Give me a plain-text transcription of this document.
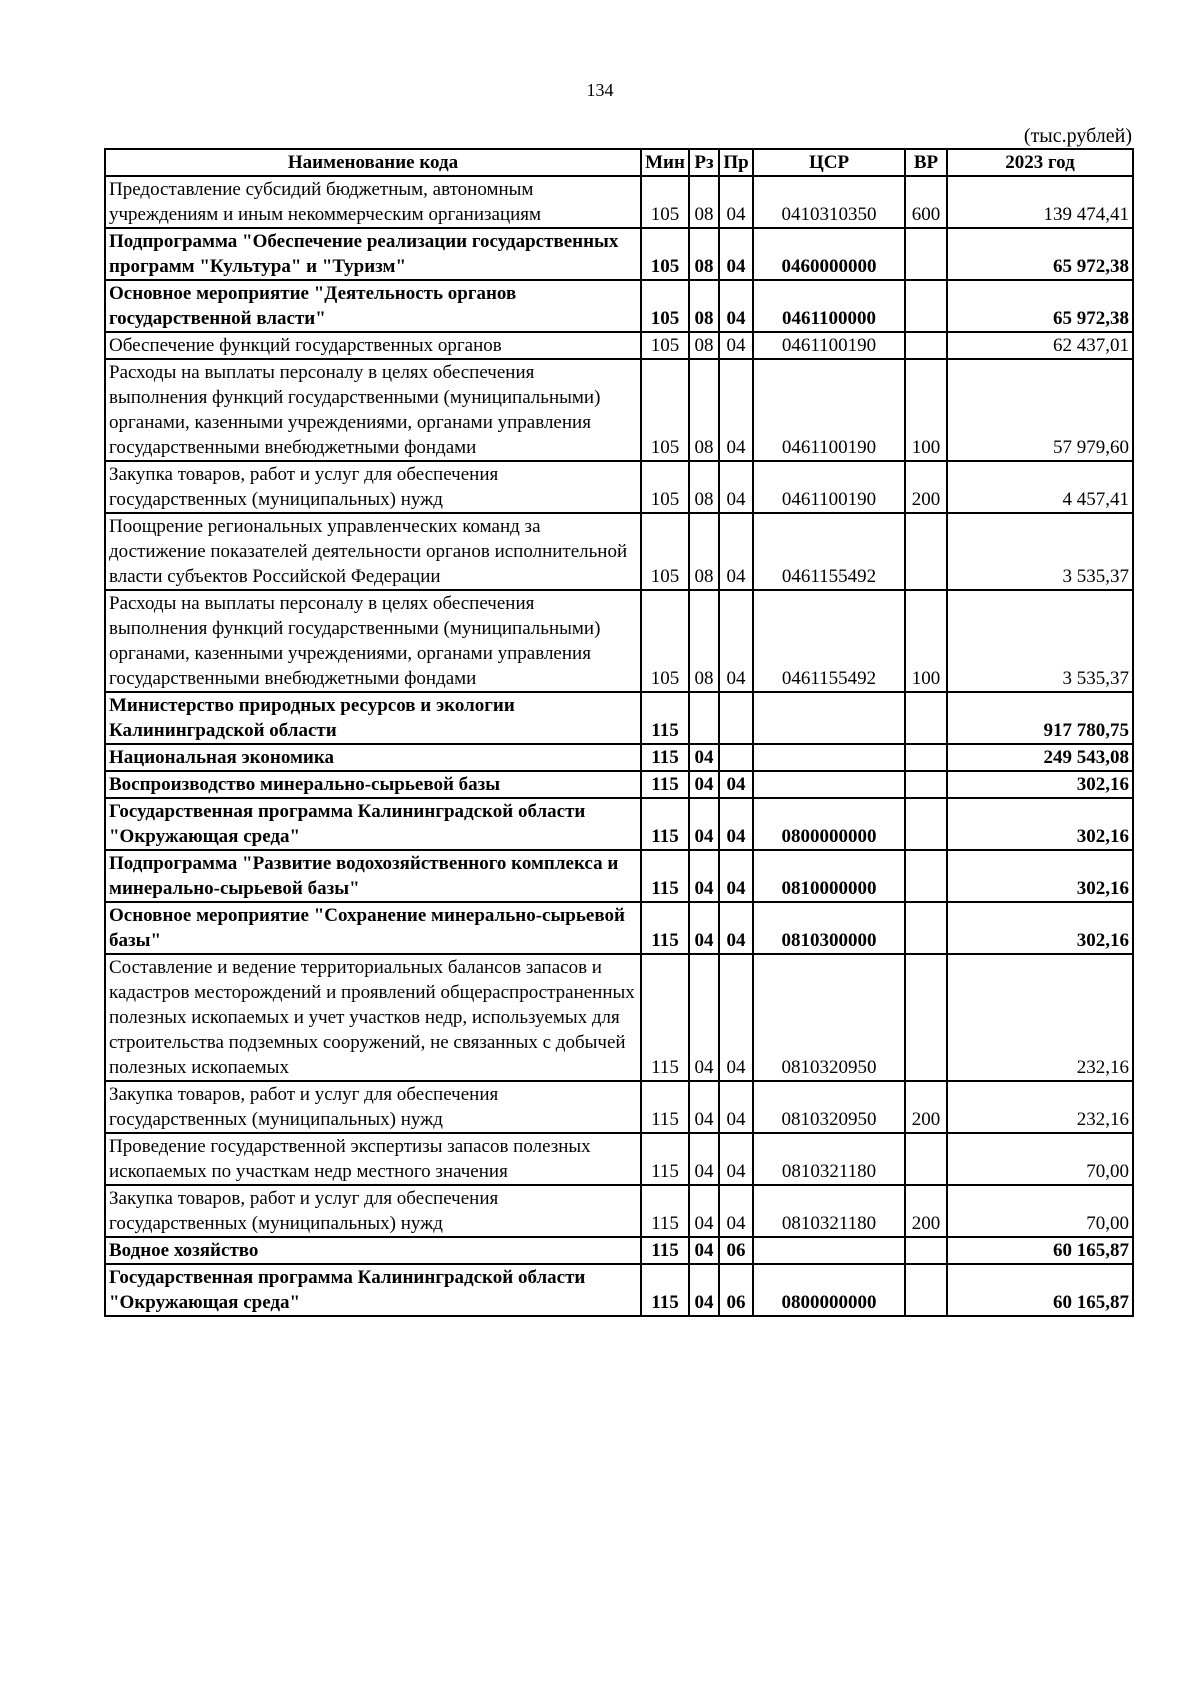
134
(тыс.рублей)
Наименование кода	Мин	Рз	Пр	ЦСР	ВР	2023 год
Предоставление субсидий бюджетным, автономным учреждениям и иным некоммерческим организациям	105	08	04	0410310350	600	139 474,41
Подпрограмма "Обеспечение реализации государственных программ "Культура" и "Туризм"	105	08	04	0460000000		65 972,38
Основное мероприятие "Деятельность органов государственной власти"	105	08	04	0461100000		65 972,38
Обеспечение функций государственных органов	105	08	04	0461100190		62 437,01
Расходы на выплаты персоналу в целях обеспечения выполнения функций государственными (муниципальными) органами, казенными учреждениями, органами управления государственными внебюджетными фондами	105	08	04	0461100190	100	57 979,60
Закупка товаров, работ и услуг для обеспечения государственных (муниципальных) нужд	105	08	04	0461100190	200	4 457,41
Поощрение региональных управленческих команд за достижение показателей деятельности органов исполнительной власти субъектов Российской Федерации	105	08	04	0461155492		3 535,37
Расходы на выплаты персоналу в целях обеспечения выполнения функций государственными (муниципальными) органами, казенными учреждениями, органами управления государственными внебюджетными фондами	105	08	04	0461155492	100	3 535,37
Министерство природных ресурсов и экологии Калининградской области	115					917 780,75
Национальная экономика	115	04				249 543,08
Воспроизводство минерально-сырьевой базы	115	04	04			302,16
Государственная программа Калининградской области "Окружающая среда"	115	04	04	0800000000		302,16
Подпрограмма "Развитие водохозяйственного комплекса и минерально-сырьевой базы"	115	04	04	0810000000		302,16
Основное мероприятие "Сохранение минерально-сырьевой базы"	115	04	04	0810300000		302,16
Составление и ведение территориальных балансов запасов и кадастров месторождений и проявлений общераспространенных полезных ископаемых и учет участков недр, используемых для строительства подземных сооружений, не связанных с добычей полезных ископаемых	115	04	04	0810320950		232,16
Закупка товаров, работ и услуг для обеспечения государственных (муниципальных) нужд	115	04	04	0810320950	200	232,16
Проведение государственной экспертизы запасов полезных ископаемых по участкам недр местного значения	115	04	04	0810321180		70,00
Закупка товаров, работ и услуг для обеспечения государственных (муниципальных) нужд	115	04	04	0810321180	200	70,00
Водное хозяйство	115	04	06			60 165,87
Государственная программа Калининградской области "Окружающая среда"	115	04	06	0800000000		60 165,87
